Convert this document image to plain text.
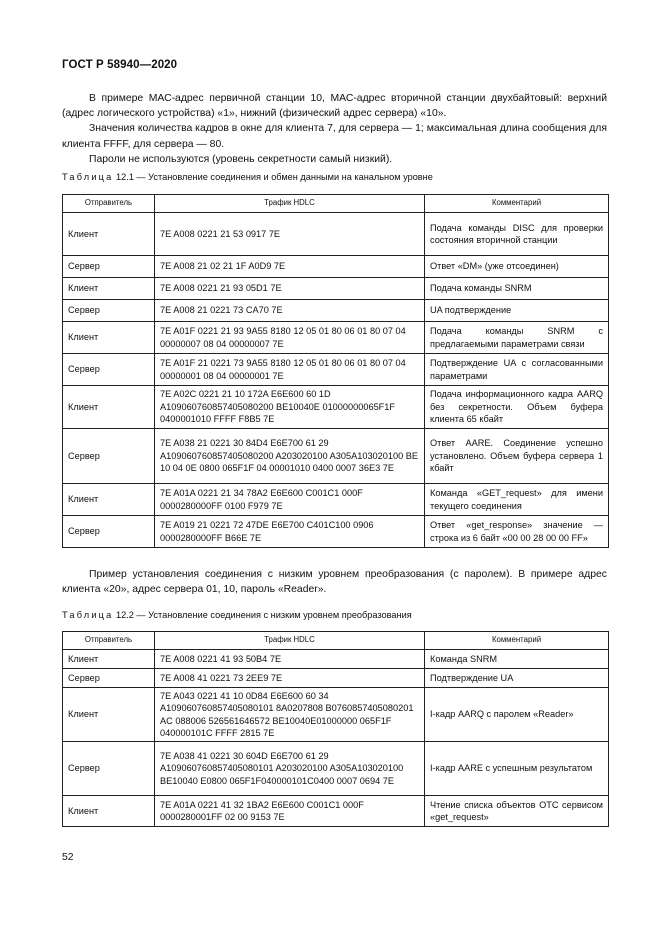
ГОСТ Р 58940—2020

В примере МАС-адрес первичной станции 10, МАС-адрес вторичной станции двухбайтовый: верхний (адрес логического устройства) «1», нижний (физический адрес сервера) «10».

Значения количества кадров в окне для клиента 7, для сервера — 1; максимальная длина сообщения для клиента FFFF, для сервера — 80.

Пароли не используются (уровень секретности самый низкий).

Таблица 12.1 — Установление соединения и обмен данными на канальном уровне
Отправитель	Трафик HDLC	Комментарий
Клиент	7E A008 0221 21 53 0917 7E	Подача команды DISC для проверки состояния вторичной станции
Сервер	7E A008 21 02 21 1F A0D9 7E	Ответ «DM» (уже отсоединен)
Клиент	7E A008 0221 21 93 05D1 7E	Подача команды SNRM
Сервер	7E A008 21 0221 73 CA70 7E	UA подтверждение
Клиент	7E A01F 0221 21 93 9A55 8180 12 05 01 80 06 01 80 07 04 00000007 08 04 00000007 7E	Подача команды SNRM с предлагаемыми параметрами связи
Сервер	7E A01F 21 0221 73 9A55 8180 12 05 01 80 06 01 80 07 04 00000001 08 04 00000001 7E	Подтверждение UA с согласованными параметрами
Клиент	7E A02C 0221 21 10 172A E6E600 60 1D A109060760857405080200 BE10040E 01000000065F1F 0400001010 FFFF F8B5 7E	Подача информационного кадра AARQ без секретности. Объем буфера клиента 65 кбайт
Сервер	7E A038 21 0221 30 84D4 E6E700 61 29 A109060760857405080200 A203020100 A305A103020100 BE 10 04 0E 0800 065F1F 04 00001010 0400 0007 36E3 7E	Ответ AARE. Соединение успешно установлено. Объем буфера сервера 1 кбайт
Клиент	7E A01A 0221 21 34 78A2 E6E600 C001C1 000F 0000280000FF 0100 F979 7E	Команда «GET_request» для имени текущего соединения
Сервер	7E A019 21 0221 72 47DE E6E700 C401C100 0906 0000280000FF B66E 7E	Ответ «get_response» значение — строка из 6 байт «00 00 28 00 00 FF»

Пример установления соединения с низким уровнем преобразования (с паролем). В примере адрес клиента «20», адрес сервера 01, 10, пароль «Reader».

Таблица 12.2 — Установление соединения с низким уровнем преобразования
Отправитель	Трафик HDLC	Комментарий
Клиент	7E A008 0221 41 93 50B4 7E	Команда SNRM
Сервер	7E A008 41 0221 73 2EE9 7E	Подтверждение UA
Клиент	7E A043 0221 41 10 0D84 E6E600 60 34 A109060760857405080101 8A0207808 B0760857405080201 AC 088006 526561646572 BE10040E01000000 065F1F 040000101C FFFF 2815 7E	I-кадр AARQ с паролем «Reader»
Сервер	7E A038 41 0221 30 604D E6E700 61 29 A109060760857405080101 A203020100 A305A103020100 BE10040 E0800 065F1F040000101C0400 0007 0694 7E	I-кадр AARE с успешным результатом
Клиент	7E A01A 0221 41 32 1BA2 E6E600 C001C1 000F 0000280001FF 02 00 9153 7E	Чтение списка объектов ОТС сервисом «get_request»
52
